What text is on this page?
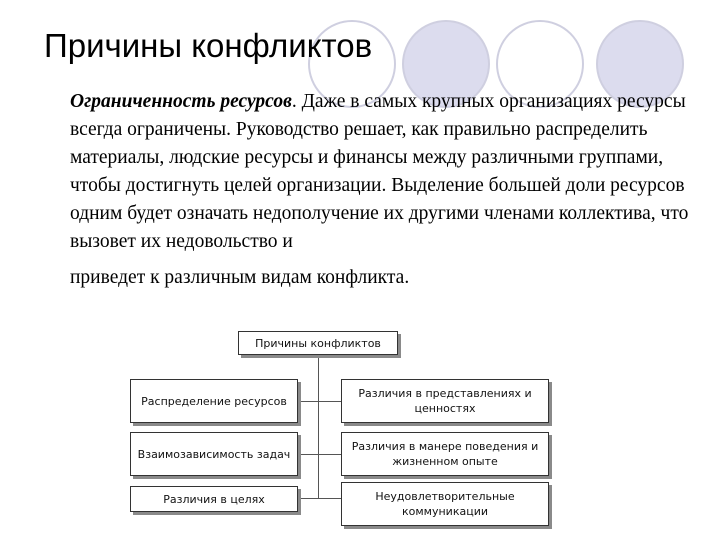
Причины конфликтов
Ограниченность ресурсов. Даже в самых крупных организациях ресурсы всегда ограничены. Руководство решает, как правильно распределить материалы, людские ресурсы и финансы между различными группами, чтобы достигнуть целей организации. Выделение большей доли ресурсов одним будет означать недополучение их другими членами коллектива, что вызовет их недовольство и
приведет к различным видам конфликта.
Причины конфликтов
Распределение ресурсов
Взаимозависимость задач
Различия в целях
Различия в представлениях и ценностях
Различия в манере поведения и жизненном опыте
Неудовлетворительные коммуникации
